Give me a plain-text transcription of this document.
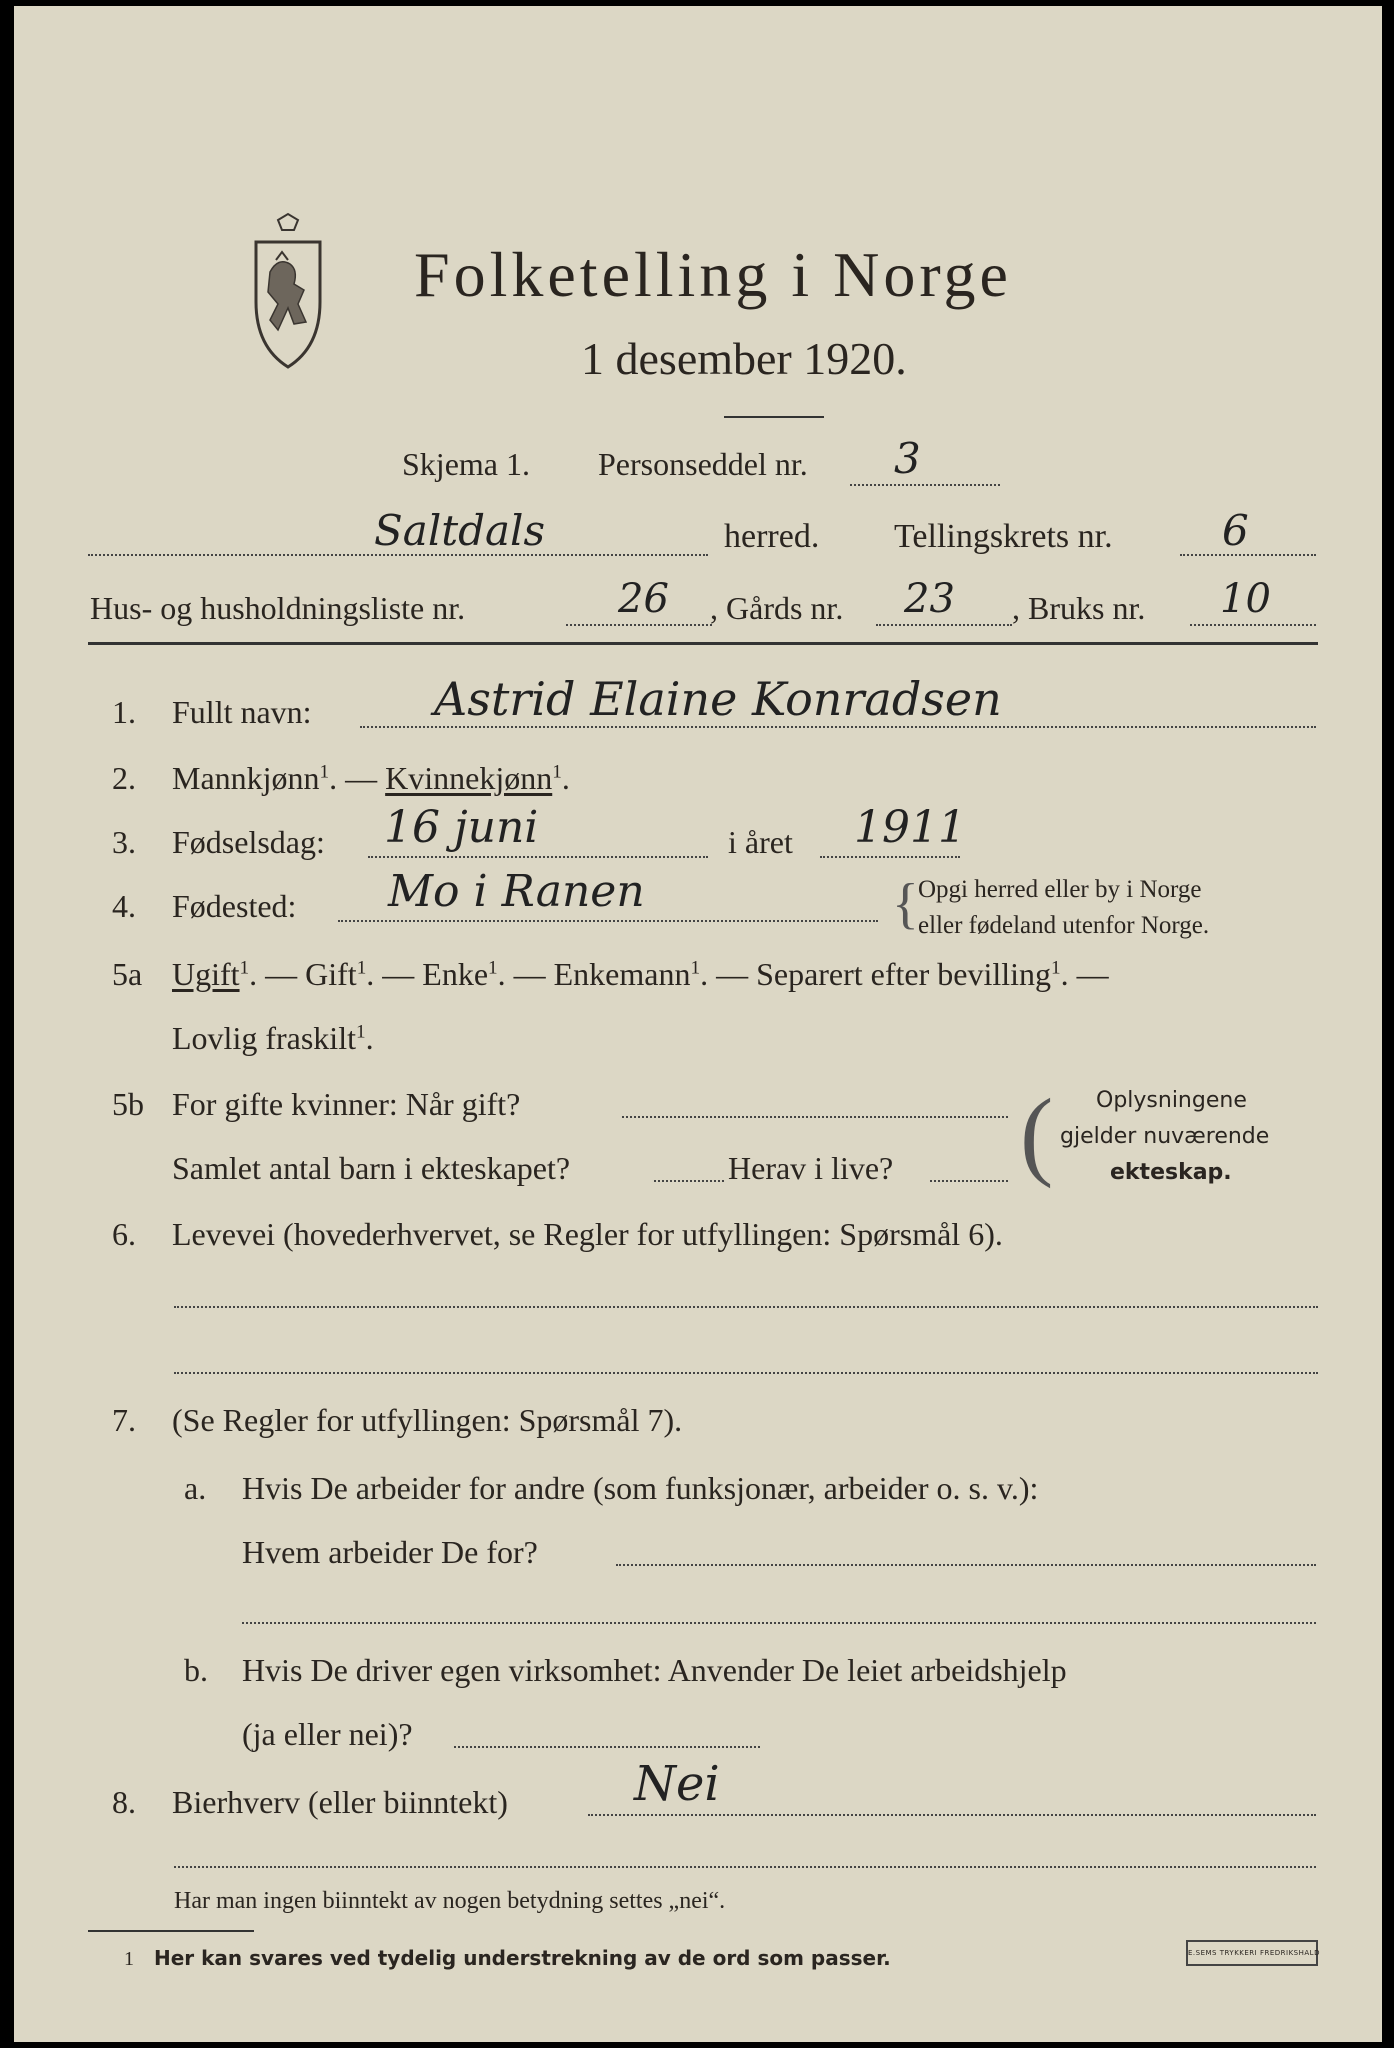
Folketelling i Norge
1 desember 1920.
Skjema 1. Personseddel nr. 3
Saltdals	herred. Tellingskrets nr.	6
Hus- og husholdningsliste nr.	26 , Gårds nr. 23 , Bruks nr. 10
1. Fullt navn:	Astrid Elaine Konradsen
2. Mannkjønn$^1$. — Kvinnekjønn$^1$.
3. Fødselsdag: 16 juni	i året 1911
4. Fødested: Mo i Ranen	{ Opgi herred eller by i Norge
eller fødeland utenfor Norge.
5a Ugift$^1$. — Gift$^1$. — Enke$^1$. — Enkemann$^1$. — Separert efter bevilling$^1$. —
Lovlig fraskilt$^1$.
5b For gifte kvinner: Når gift?
Samlet antal barn i ekteskapet?	Herav i live? ( Oplysningene
gjelder nuværende
ekteskap.
6. Levevei (hovederhvervet, se Regler for utfyllingen: Spørsmål 6).
7. (Se Regler for utfyllingen: Spørsmål 7).
a. Hvis De arbeider for andre (som funksjonær, arbeider o. s. v.):
Hvem arbeider De for?
b. Hvis De driver egen virksomhet: Anvender De leiet arbeidshjelp
(ja eller nei)?
8. Bierhverv (eller biinntekt)	Nei
Har man ingen biinntekt av nogen betydning settes „nei“.
1 Her kan svares ved tydelig understrekning av de ord som passer.	E.SEMS TRYKKERI FREDRIKSHALD
